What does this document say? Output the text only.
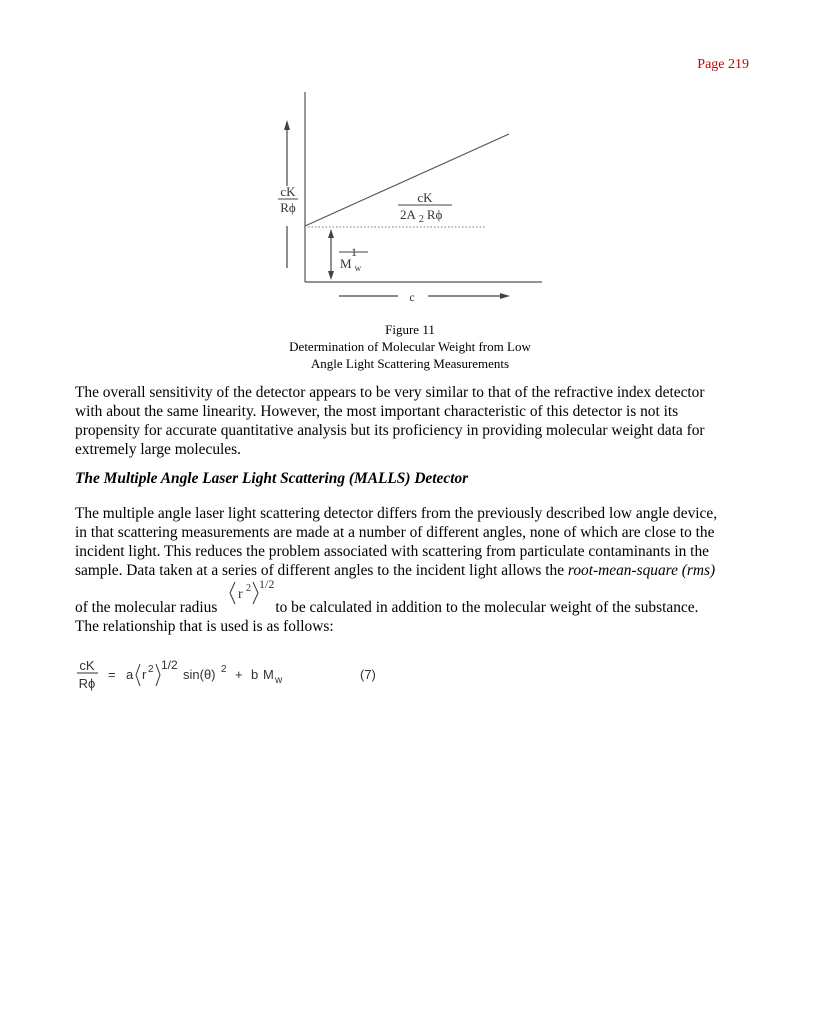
Page 219
cK
Rϕ
1
M $_w$
cK
2A $_2$ Rϕ
c
Figure 11
Determination of Molecular Weight from Low
Angle Light Scattering Measurements
The overall sensitivity of the detector appears to be very similar to that of the refractive index detector
with about the same linearity. However, the most important characteristic of this detector is not its
propensity for accurate quantitative analysis but its proficiency in providing molecular weight data for
extremely large molecules.
The Multiple Angle Laser Light Scattering (MALLS) Detector
The multiple angle laser light scattering detector differs from the previously described low angle device,
in that scattering measurements are made at a number of different angles, none of which are close to the
incident light. This reduces the problem associated with scattering from particulate contaminants in the
sample. Data taken at a series of different angles to the incident light allows the root-mean-square (rms)
r 2 1/2
of the molecular radius	to be calculated in addition to the molecular weight of the substance.
The relationship that is used is as follows:
cK
Rϕ
= a r 2 1/2
sin(θ) 2 + b M w	(7)
